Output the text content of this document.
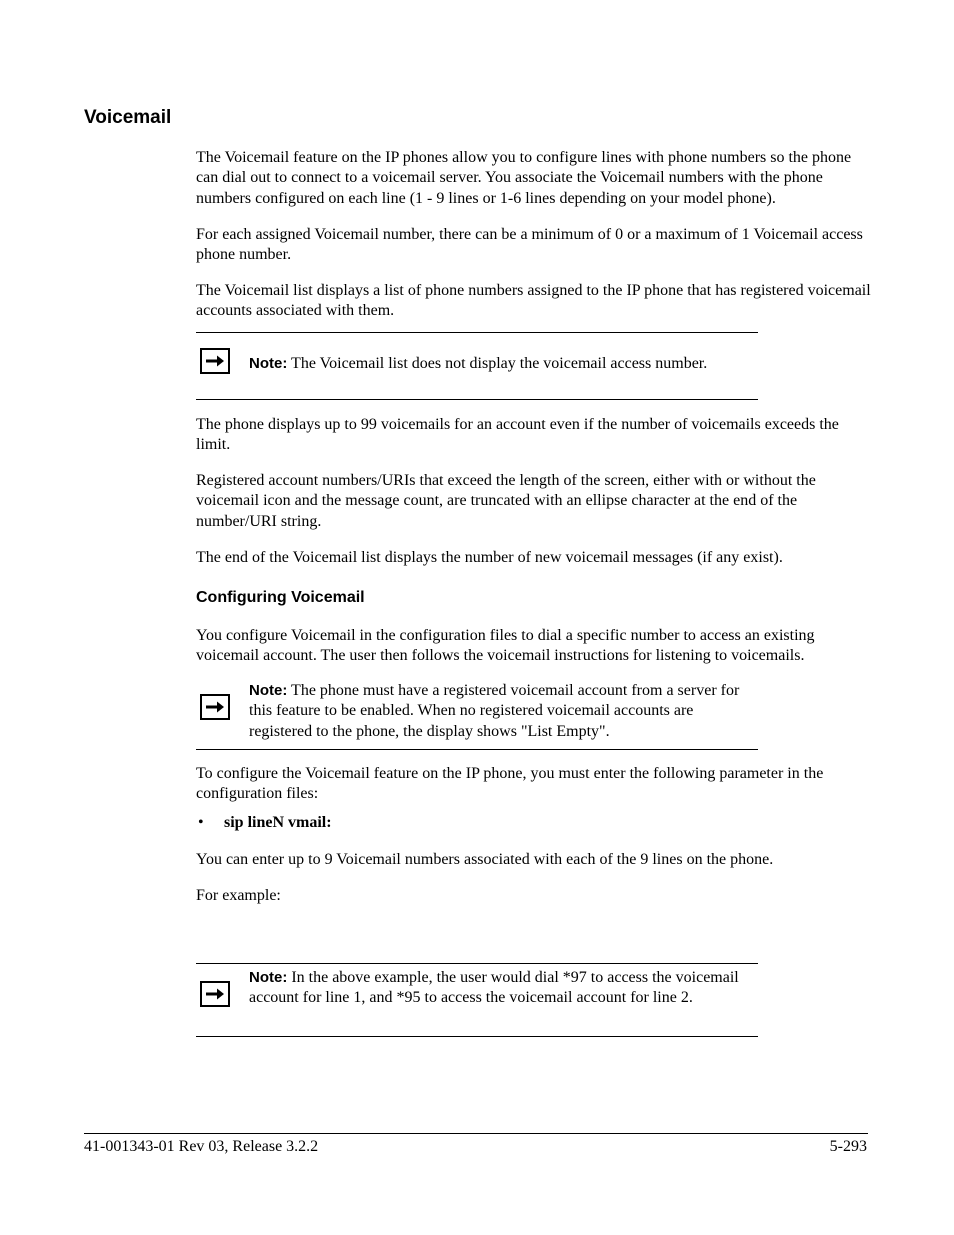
Voicemail
The Voicemail feature on the IP phones allow you to configure lines with phone numbers so the phone can dial out to connect to a voicemail server. You associate the Voicemail numbers with the phone numbers configured on each line (1 - 9 lines or 1-6 lines depending on your model phone).
For each assigned Voicemail number, there can be a minimum of 0 or a maximum of 1 Voicemail access phone number.
The Voicemail list displays a list of phone numbers assigned to the IP phone that has registered voicemail accounts associated with them.
Note: The Voicemail list does not display the voicemail access number.
The phone displays up to 99 voicemails for an account even if the number of voicemails exceeds the limit.
Registered account numbers/URIs that exceed the length of the screen, either with or without the voicemail icon and the message count, are truncated with an ellipse character at the end of the number/URI string.
The end of the Voicemail list displays the number of new voicemail messages (if any exist).
Configuring Voicemail
You configure Voicemail in the configuration files to dial a specific number to access an existing voicemail account. The user then follows the voicemail instructions for listening to voicemails.
Note: The phone must have a registered voicemail account from a server for this feature to be enabled. When no registered voicemail accounts are registered to the phone, the display shows "List Empty".
To configure the Voicemail feature on the IP phone, you must enter the following parameter in the configuration files:
• sip lineN vmail:
You can enter up to 9 Voicemail numbers associated with each of the 9 lines on the phone.
For example:
Note: In the above example, the user would dial *97 to access the voicemail account for line 1, and *95 to access the voicemail account for line 2.
41-001343-01 Rev 03, Release 3.2.2	5-293
